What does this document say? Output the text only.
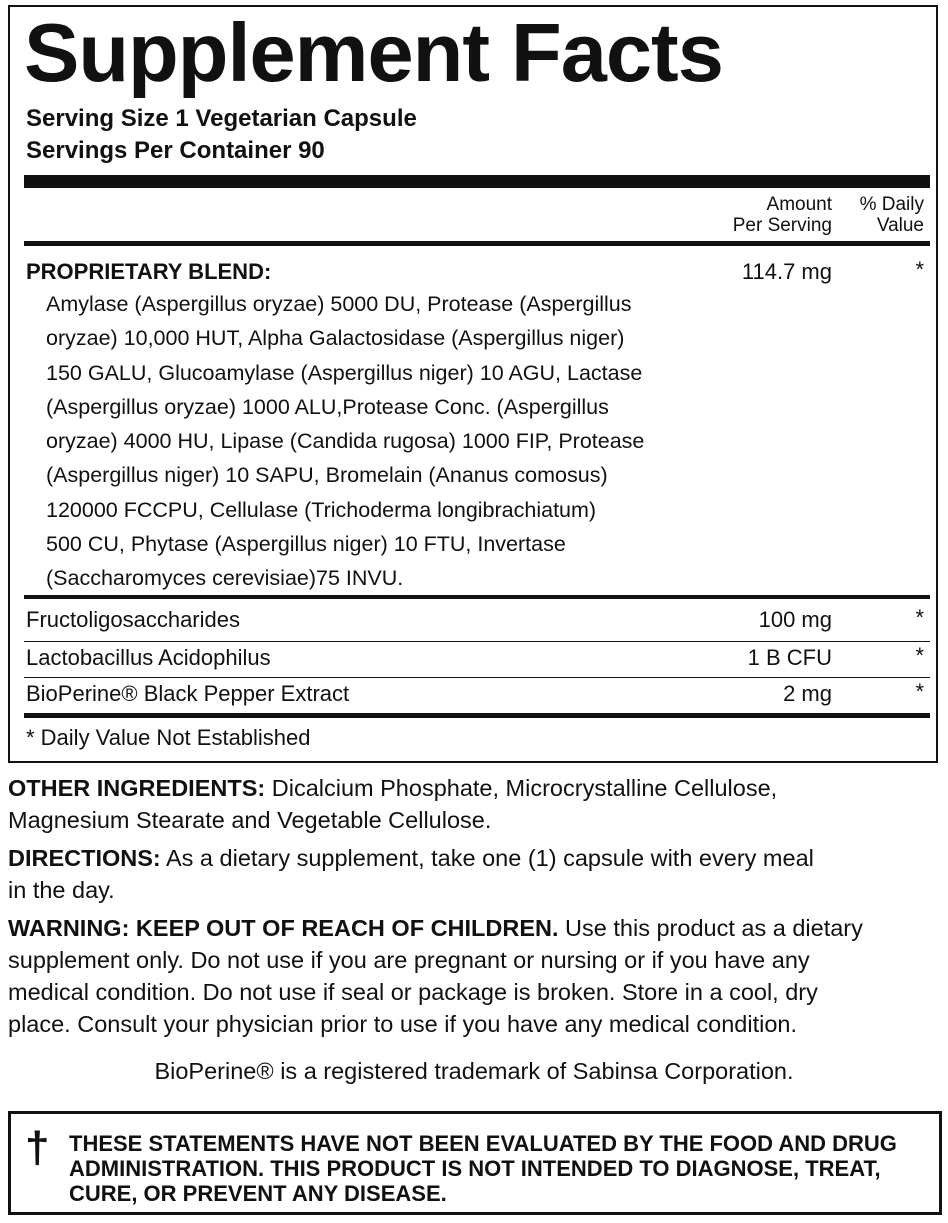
Supplement Facts
Serving Size 1 Vegetarian Capsule
Servings Per Container 90
Amount
Per Serving
% Daily
Value
PROPRIETARY BLEND:	114.7 mg	*
Amylase (Aspergillus oryzae) 5000 DU, Protease (Aspergillus
oryzae) 10,000 HUT, Alpha Galactosidase (Aspergillus niger)
150 GALU, Glucoamylase (Aspergillus niger) 10 AGU, Lactase
(Aspergillus oryzae) 1000 ALU,Protease Conc. (Aspergillus
oryzae) 4000 HU, Lipase (Candida rugosa) 1000 FIP, Protease
(Aspergillus niger) 10 SAPU, Bromelain (Ananus comosus)
120000 FCCPU, Cellulase (Trichoderma longibrachiatum)
500 CU, Phytase (Aspergillus niger) 10 FTU, Invertase
(Saccharomyces cerevisiae)75 INVU.
Fructoligosaccharides	100 mg	*
Lactobacillus Acidophilus	1 B CFU	*
BioPerine® Black Pepper Extract	2 mg	*
* Daily Value Not Established

OTHER INGREDIENTS: Dicalcium Phosphate, Microcrystalline Cellulose,

Magnesium Stearate and Vegetable Cellulose.

DIRECTIONS: As a dietary supplement, take one (1) capsule with every meal

in the day.

WARNING: KEEP OUT OF REACH OF CHILDREN. Use this product as a dietary

supplement only. Do not use if you are pregnant or nursing or if you have any

medical condition. Do not use if seal or package is broken. Store in a cool, dry

place. Consult your physician prior to use if you have any medical condition.

BioPerine® is a registered trademark of Sabinsa Corporation.
† THESE STATEMENTS HAVE NOT BEEN EVALUATED BY THE FOOD AND DRUG
ADMINISTRATION. THIS PRODUCT IS NOT INTENDED TO DIAGNOSE, TREAT,
CURE, OR PREVENT ANY DISEASE.
